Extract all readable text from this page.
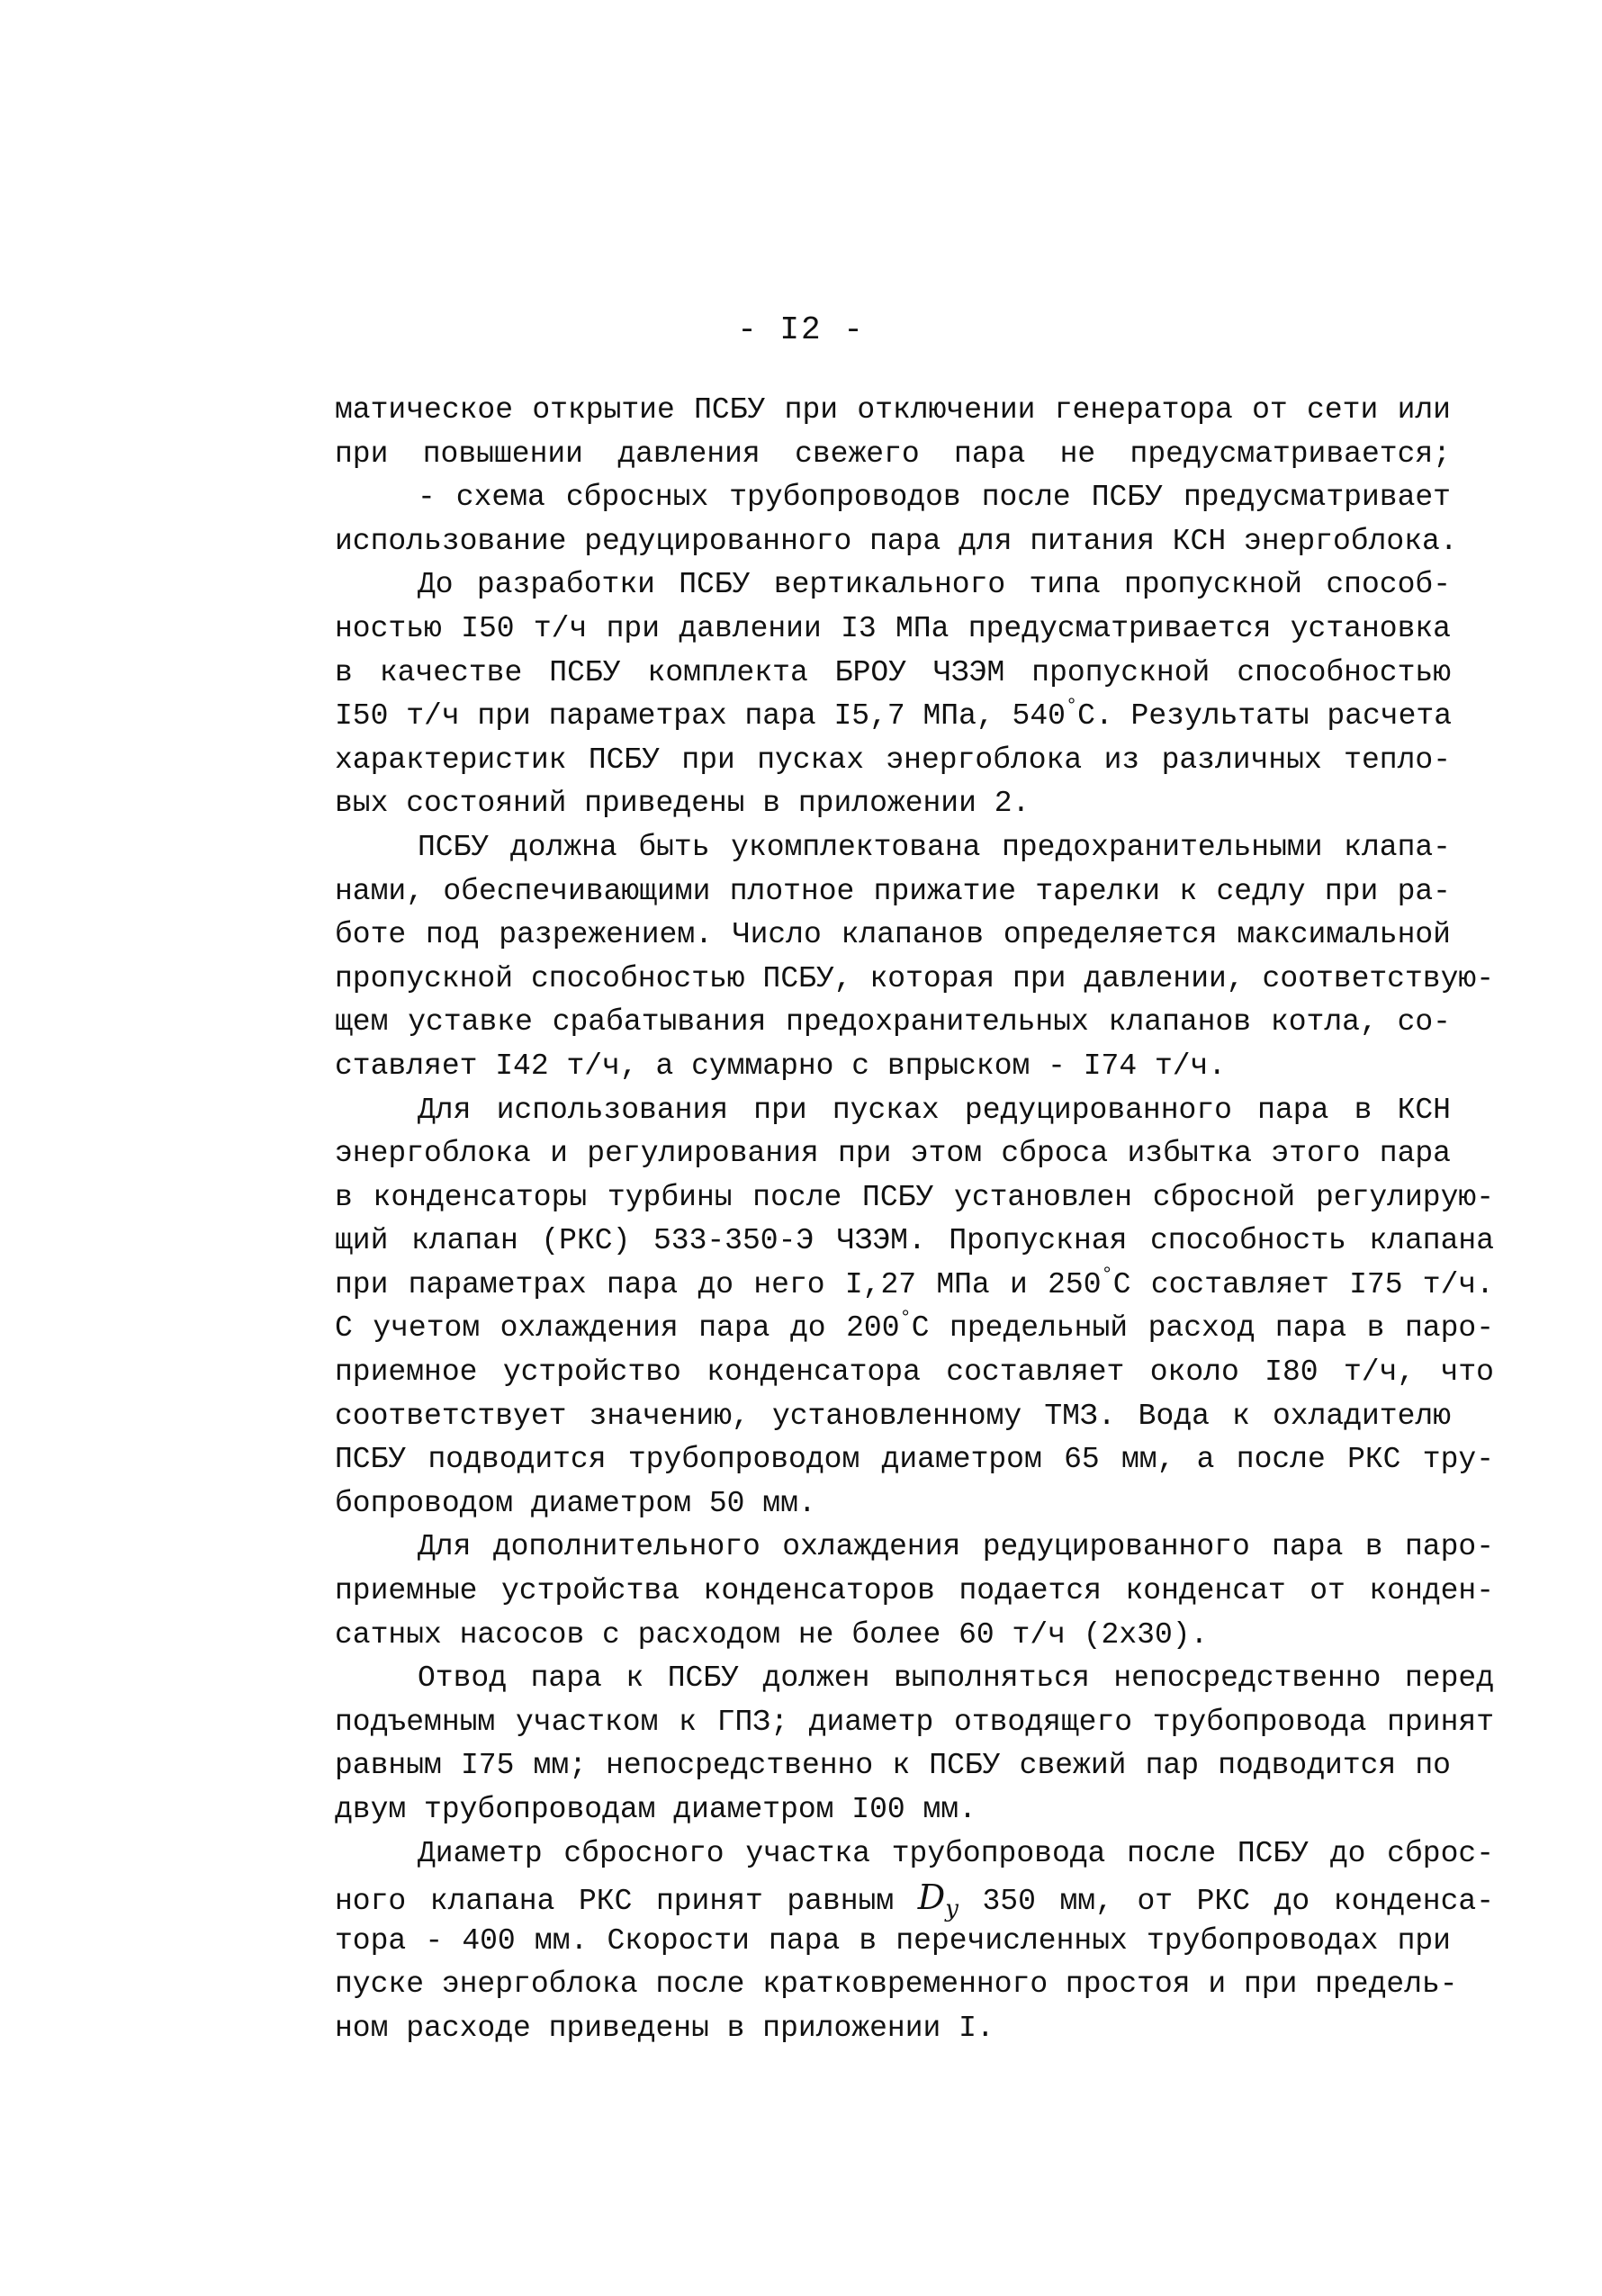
- I2 -
матическое открытие ПСБУ при отключении генератора от сети или
при повышении давления свежего пара не предусматривается;
- схема сбросных трубопроводов после ПСБУ предусматривает
использование редуцированного пара для питания КСН энергоблока.
До разработки ПСБУ вертикального типа пропускной способ-
ностью I50 т/ч при давлении I3 МПа предусматривается установка
в качестве ПСБУ комплекта БРОУ ЧЗЭМ пропускной способностью
I50 т/ч при параметрах пара I5,7 МПа, 540°С. Результаты расчета
характеристик ПСБУ при пусках энергоблока из различных тепло-
вых состояний приведены в приложении 2.
ПСБУ должна быть укомплектована предохранительными клапа-
нами, обеспечивающими плотное прижатие тарелки к седлу при ра-
боте под разрежением. Число клапанов определяется максимальной
пропускной способностью ПСБУ, которая при давлении, соответствую-
щем уставке срабатывания предохранительных клапанов котла, со-
ставляет I42 т/ч, а суммарно с впрыском - I74 т/ч.
Для использования при пусках редуцированного пара в КСН
энергоблока и регулирования при этом сброса избытка этого пара
в конденсаторы турбины после ПСБУ установлен сбросной регулирую-
щий клапан (РКС) 533-350-Э ЧЗЭМ. Пропускная способность клапана
при параметрах пара до него I,27 МПа и 250°С составляет I75 т/ч.
С учетом охлаждения пара до 200°С предельный расход пара в паро-
приемное устройство конденсатора составляет около I80 т/ч, что
соответствует значению, установленному ТМЗ. Вода к охладителю
ПСБУ подводится трубопроводом диаметром 65 мм, а после РКС тру-
бопроводом диаметром 50 мм.
Для дополнительного охлаждения редуцированного пара в паро-
приемные устройства конденсаторов подается конденсат от конден-
сатных насосов с расходом не более 60 т/ч (2х30).
Отвод пара к ПСБУ должен выполняться непосредственно перед
подъемным участком к ГПЗ; диаметр отводящего трубопровода принят
равным I75 мм; непосредственно к ПСБУ свежий пар подводится по
двум трубопроводам диаметром I00 мм.
Диаметр сбросного участка трубопровода после ПСБУ до сброс-
ного клапана РКС принят равным $D_y$ 350 мм, от РКС до конденса-
тора - 400 мм. Скорости пара в перечисленных трубопроводах при
пуске энергоблока после кратковременного простоя и при предель-
ном расходе приведены в приложении I.
